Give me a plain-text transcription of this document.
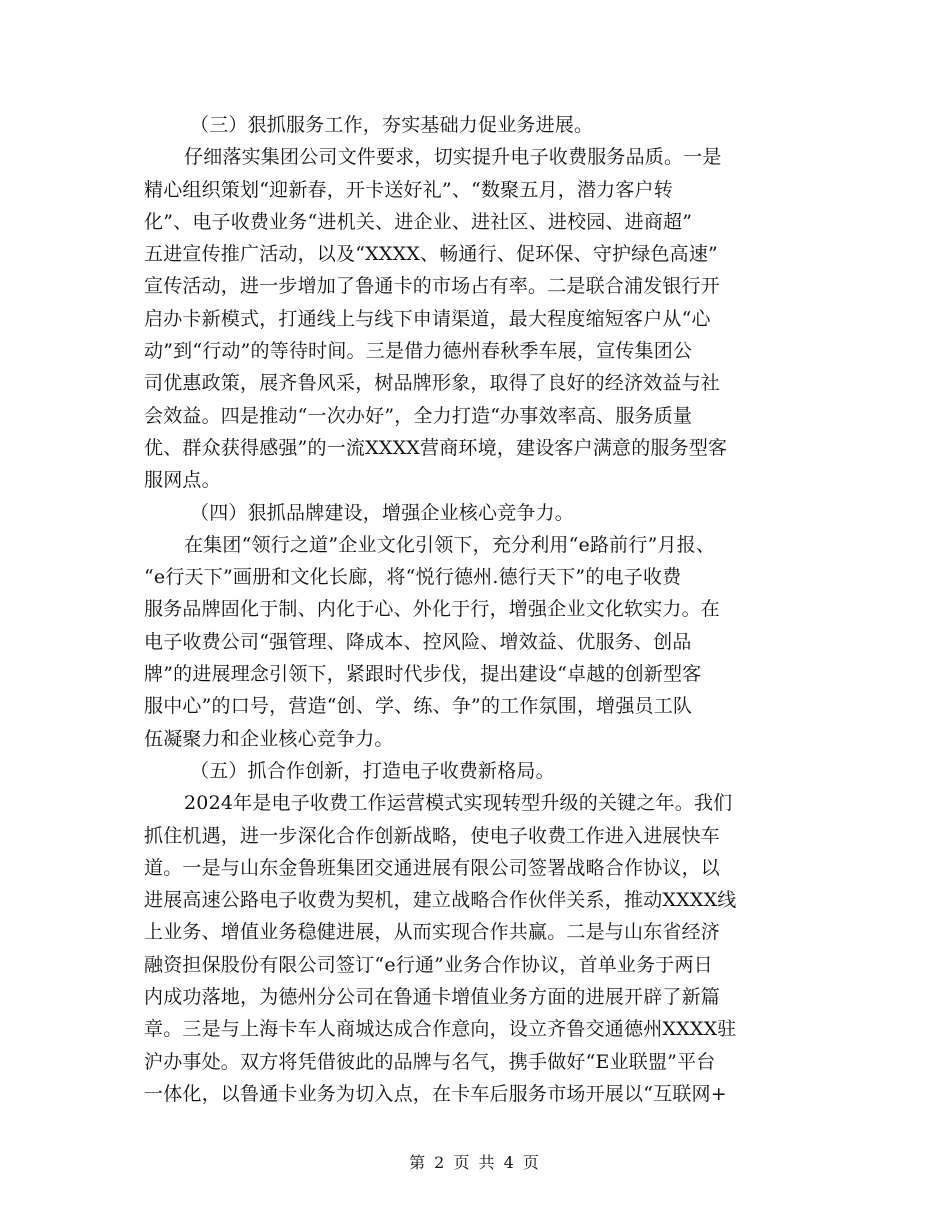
（三）狠抓服务工作，夯实基础力促业务进展。
仔细落实集团公司文件要求，切实提升电子收费服务品质。一是
精心组织策划“迎新春，开卡送好礼”、“数聚五月，潜力客户转
化”、电子收费业务“进机关、进企业、进社区、进校园、进商超”
五进宣传推广活动，以及“XXXX、畅通行、促环保、守护绿色高速”
宣传活动，进一步增加了鲁通卡的市场占有率。二是联合浦发银行开
启办卡新模式，打通线上与线下申请渠道，最大程度缩短客户从“心
动”到“行动”的等待时间。三是借力德州春秋季车展，宣传集团公
司优惠政策，展齐鲁风采，树品牌形象，取得了良好的经济效益与社
会效益。四是推动“一次办好”，全力打造“办事效率高、服务质量
优、群众获得感强”的一流XXXX营商环境，建设客户满意的服务型客
服网点。
（四）狠抓品牌建设，增强企业核心竞争力。
在集团“领行之道”企业文化引领下，充分利用“e路前行”月报、
“e行天下”画册和文化长廊，将“悦行德州.德行天下”的电子收费
服务品牌固化于制、内化于心、外化于行，增强企业文化软实力。在
电子收费公司“强管理、降成本、控风险、增效益、优服务、创品
牌”的进展理念引领下，紧跟时代步伐，提出建设“卓越的创新型客
服中心”的口号，营造“创、学、练、争”的工作氛围，增强员工队
伍凝聚力和企业核心竞争力。
（五）抓合作创新，打造电子收费新格局。
2024年是电子收费工作运营模式实现转型升级的关键之年。我们
抓住机遇，进一步深化合作创新战略，使电子收费工作进入进展快车
道。一是与山东金鲁班集团交通进展有限公司签署战略合作协议，以
进展高速公路电子收费为契机，建立战略合作伙伴关系，推动XXXX线
上业务、增值业务稳健进展，从而实现合作共赢。二是与山东省经济
融资担保股份有限公司签订“e行通”业务合作协议，首单业务于两日
内成功落地，为德州分公司在鲁通卡增值业务方面的进展开辟了新篇
章。三是与上海卡车人商城达成合作意向，设立齐鲁交通德州XXXX驻
沪办事处。双方将凭借彼此的品牌与名气，携手做好“E业联盟”平台
一体化，以鲁通卡业务为切入点，在卡车后服务市场开展以“互联网+
第 2 页 共 4 页
